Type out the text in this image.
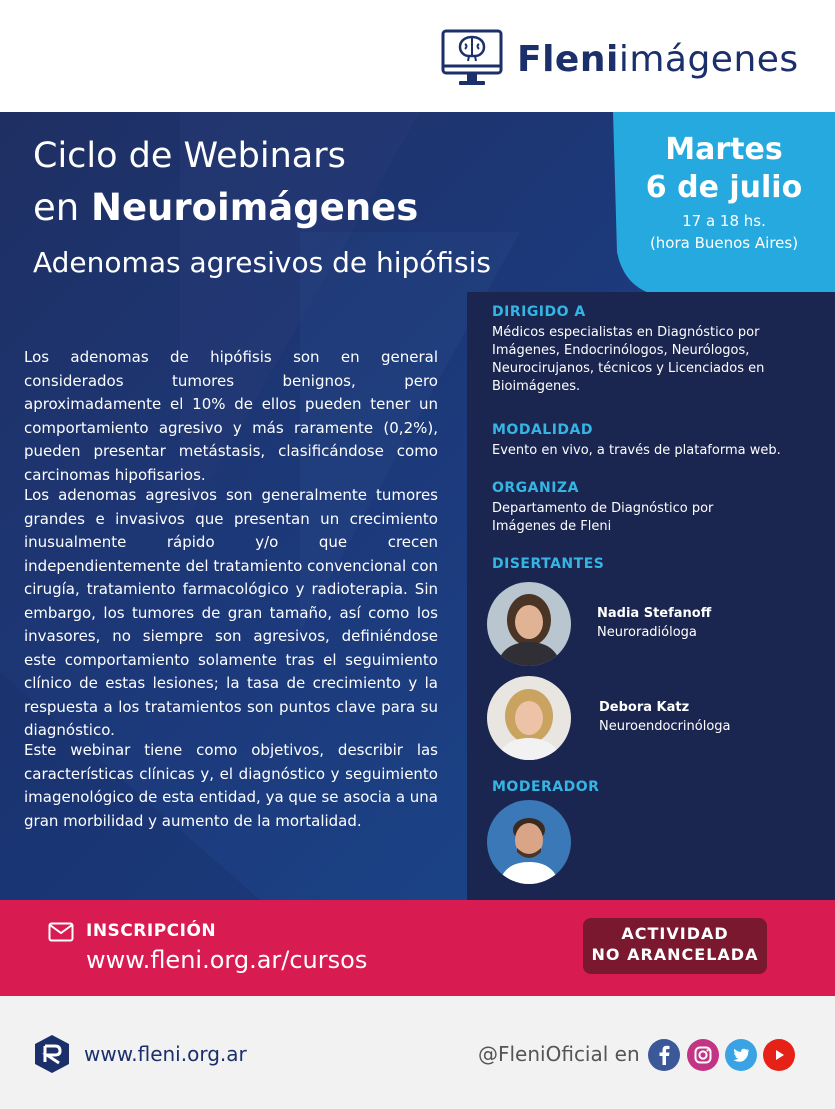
Fleniimágenes
Ciclo de Webinars
en Neuroimágenes
Adenomas agresivos de hipófisis
Martes
6 de julio
17 a 18 hs.
(hora Buenos Aires)

Los adenomas de hipófisis son en general considerados tumores benignos, pero aproximadamente el 10% de ellos pueden tener un comportamiento agresivo y más raramente (0,2%), pueden presentar metástasis, clasificándose como carcinomas hipofisarios.

Los adenomas agresivos son generalmente tumores grandes e invasivos que presentan un crecimiento inusualmente rápido y/o que crecen independientemente del tratamiento convencional con cirugía, tratamiento farmacológico y radioterapia. Sin embargo, los tumores de gran tamaño, así como los invasores, no siempre son agresivos, definiéndose este comportamiento solamente tras el seguimiento clínico de estas lesiones; la tasa de crecimiento y la respuesta a los tratamientos son puntos clave para su diagnóstico.

Este webinar tiene como objetivos, describir las características clínicas y, el diagnóstico y seguimiento imagenológico de esta entidad, ya que se asocia a una gran morbilidad y aumento de la mortalidad.

DIRIGIDO A
Médicos especialistas en Diagnóstico por Imágenes, Endocrinólogos, Neurólogos, Neurocirujanos, técnicos y Licenciados en Bioimágenes.
MODALIDAD
Evento en vivo, a través de plataforma web.
ORGANIZA
Departamento de Diagnóstico por Imágenes de Fleni
DISERTANTES
Nadia Stefanoff
Neuroradióloga
Debora Katz
Neuroendocrinóloga
MODERADOR
INSCRIPCIÓN
www.fleni.org.ar/cursos
ACTIVIDAD
NO ARANCELADA
www.fleni.org.ar	@FleniOficial en
